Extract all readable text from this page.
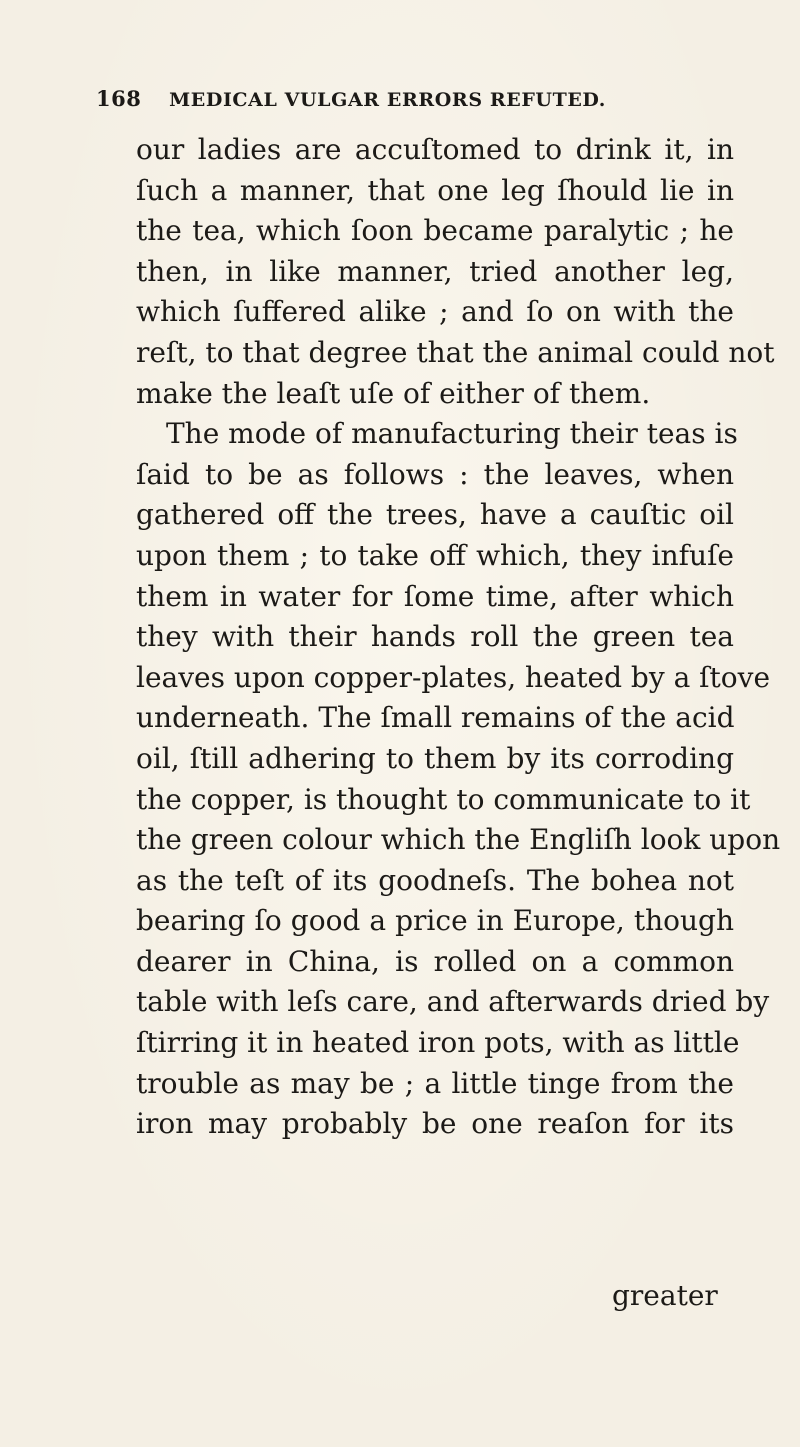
168 MEDICAL VULGAR ERRORS REFUTED.
our ladies are accuſtomed to drink it, in
ſuch a manner, that one leg ſhould lie in
the tea, which ſoon became paralytic ; he
then, in like manner, tried another leg,
which ſuffered alike ; and ſo on with the
reſt, to that degree that the animal could not
make the leaſt uſe of either of them.
The mode of manufacturing their teas is
ſaid to be as follows : the leaves, when
gathered off the trees, have a cauſtic oil
upon them ; to take off which, they infuſe
them in water for ſome time, after which
they with their hands roll the green tea
leaves upon copper-plates, heated by a ſtove
underneath. The ſmall remains of the acid
oil, ſtill adhering to them by its corroding
the copper, is thought to communicate to it
the green colour which the Engliſh look upon
as the teſt of its goodneſs. The bohea not
bearing ſo good a price in Europe, though
dearer in China, is rolled on a common
table with leſs care, and afterwards dried by
ſtirring it in heated iron pots, with as little
trouble as may be ; a little tinge from the
iron may probably be one reaſon for its
greater
